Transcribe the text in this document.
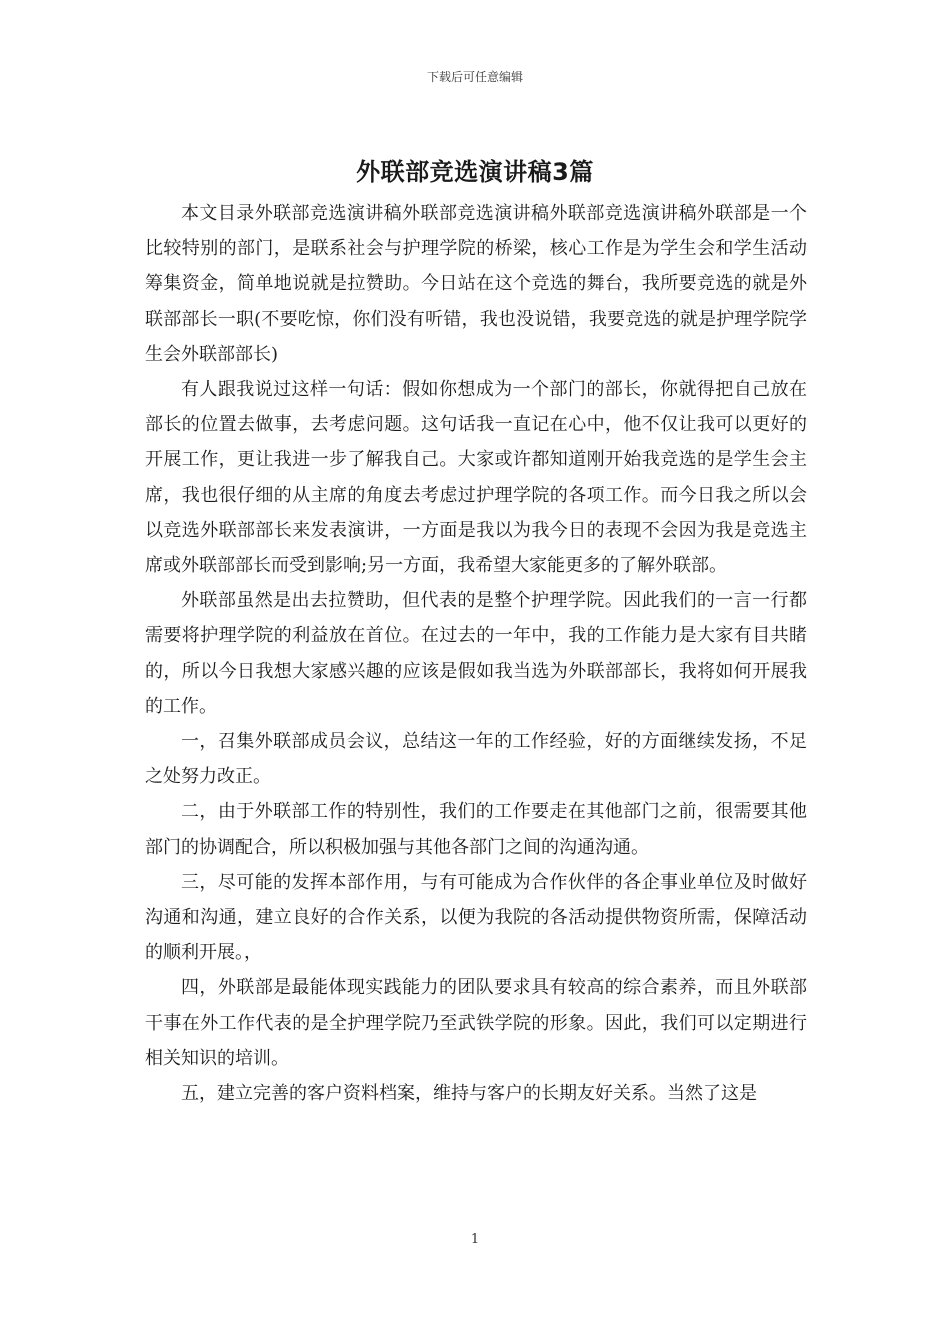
下载后可任意编辑
外联部竞选演讲稿3篇

本文目录外联部竞选演讲稿外联部竞选演讲稿外联部竞选演讲稿外联部是一个比较特别的部门，是联系社会与护理学院的桥梁，核心工作是为学生会和学生活动筹集资金，简单地说就是拉赞助。今日站在这个竞选的舞台，我所要竞选的就是外联部部长一职(不要吃惊，你们没有听错，我也没说错，我要竞选的就是护理学院学生会外联部部长)

有人跟我说过这样一句话：假如你想成为一个部门的部长，你就得把自己放在部长的位置去做事，去考虑问题。这句话我一直记在心中，他不仅让我可以更好的开展工作，更让我进一步了解我自己。大家或许都知道刚开始我竞选的是学生会主席，我也很仔细的从主席的角度去考虑过护理学院的各项工作。而今日我之所以会以竞选外联部部长来发表演讲，一方面是我以为我今日的表现不会因为我是竞选主席或外联部部长而受到影响;另一方面，我希望大家能更多的了解外联部。

外联部虽然是出去拉赞助，但代表的是整个护理学院。因此我们的一言一行都需要将护理学院的利益放在首位。在过去的一年中，我的工作能力是大家有目共睹的，所以今日我想大家感兴趣的应该是假如我当选为外联部部长，我将如何开展我的工作。

一，召集外联部成员会议，总结这一年的工作经验，好的方面继续发扬，不足之处努力改正。

二，由于外联部工作的特别性，我们的工作要走在其他部门之前，很需要其他部门的协调配合，所以积极加强与其他各部门之间的沟通沟通。

三，尽可能的发挥本部作用，与有可能成为合作伙伴的各企事业单位及时做好沟通和沟通，建立良好的合作关系，以便为我院的各活动提供物资所需，保障活动的顺利开展。，

四，外联部是最能体现实践能力的团队要求具有较高的综合素养，而且外联部干事在外工作代表的是全护理学院乃至武铁学院的形象。因此，我们可以定期进行相关知识的培训。

五，建立完善的客户资料档案，维持与客户的长期友好关系。当然了这是

1
